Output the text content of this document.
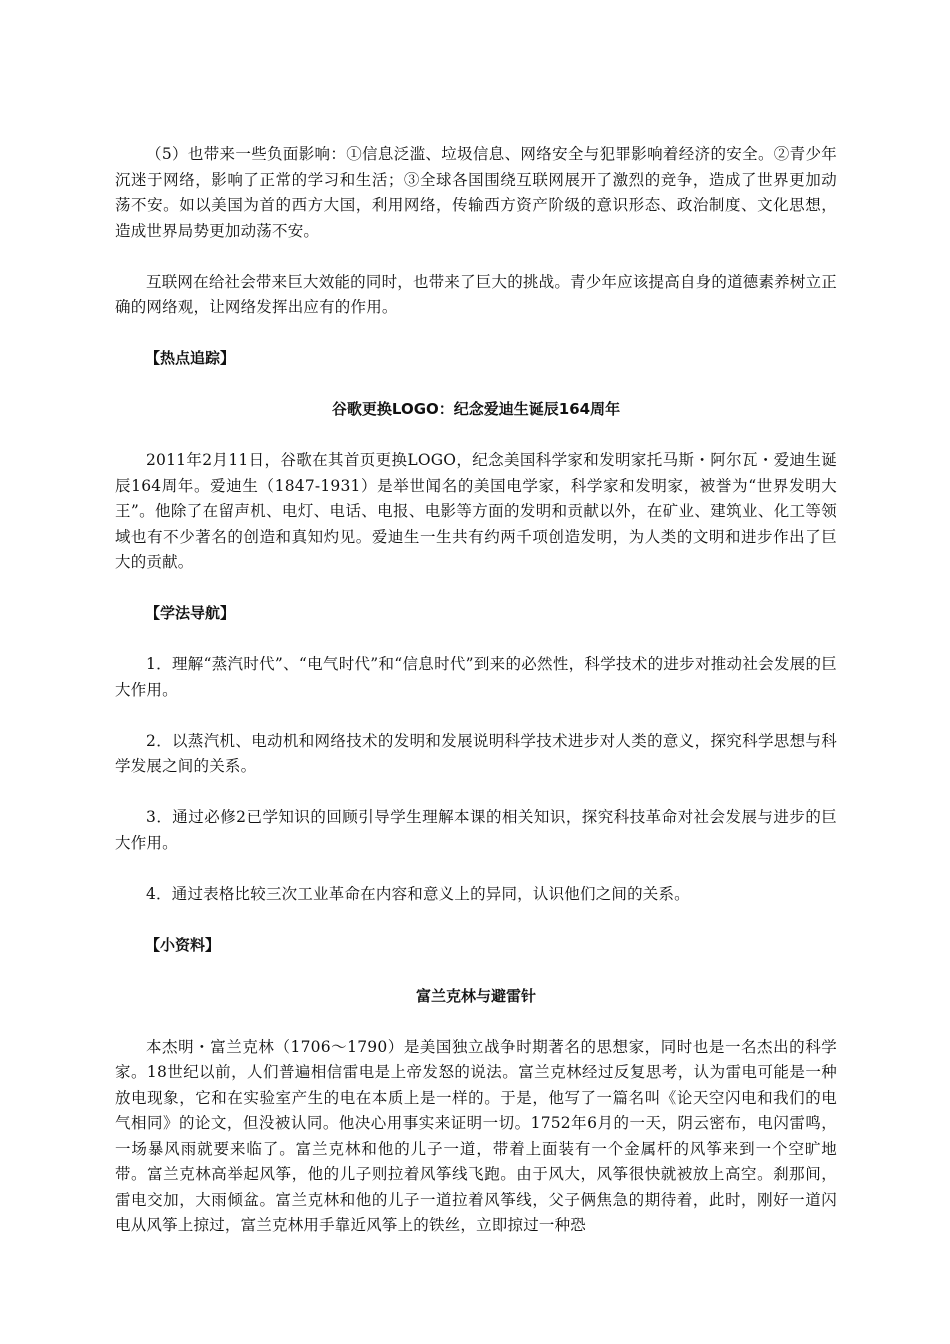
（5）也带来一些负面影响：①信息泛滥、垃圾信息、网络安全与犯罪影响着经济的安全。②青少年沉迷于网络，影响了正常的学习和生活；③全球各国围绕互联网展开了激烈的竞争，造成了世界更加动荡不安。如以美国为首的西方大国，利用网络，传输西方资产阶级的意识形态、政治制度、文化思想，造成世界局势更加动荡不安。

互联网在给社会带来巨大效能的同时，也带来了巨大的挑战。青少年应该提高自身的道德素养树立正确的网络观，让网络发挥出应有的作用。

【热点追踪】

谷歌更换LOGO：纪念爱迪生诞辰164周年

2011年2月11日，谷歌在其首页更换LOGO，纪念美国科学家和发明家托马斯・阿尔瓦・爱迪生诞辰164周年。爱迪生（1847-1931）是举世闻名的美国电学家，科学家和发明家，被誉为“世界发明大王”。他除了在留声机、电灯、电话、电报、电影等方面的发明和贡献以外，在矿业、建筑业、化工等领域也有不少著名的创造和真知灼见。爱迪生一生共有约两千项创造发明，为人类的文明和进步作出了巨大的贡献。

【学法导航】

1．理解“蒸汽时代”、“电气时代”和“信息时代”到来的必然性，科学技术的进步对推动社会发展的巨大作用。

2．以蒸汽机、电动机和网络技术的发明和发展说明科学技术进步对人类的意义，探究科学思想与科学发展之间的关系。

3．通过必修2已学知识的回顾引导学生理解本课的相关知识，探究科技革命对社会发展与进步的巨大作用。

4．通过表格比较三次工业革命在内容和意义上的异同，认识他们之间的关系。

【小资料】

富兰克林与避雷针

本杰明・富兰克林（1706～1790）是美国独立战争时期著名的思想家，同时也是一名杰出的科学家。18世纪以前，人们普遍相信雷电是上帝发怒的说法。富兰克林经过反复思考，认为雷电可能是一种放电现象，它和在实验室产生的电在本质上是一样的。于是，他写了一篇名叫《论天空闪电和我们的电气相同》的论文，但没被认同。他决心用事实来证明一切。1752年6月的一天，阴云密布，电闪雷鸣，一场暴风雨就要来临了。富兰克林和他的儿子一道，带着上面装有一个金属杆的风筝来到一个空旷地带。富兰克林高举起风筝，他的儿子则拉着风筝线飞跑。由于风大，风筝很快就被放上高空。刹那间，雷电交加，大雨倾盆。富兰克林和他的儿子一道拉着风筝线，父子俩焦急的期待着，此时，刚好一道闪电从风筝上掠过，富兰克林用手靠近风筝上的铁丝，立即掠过一种恐
